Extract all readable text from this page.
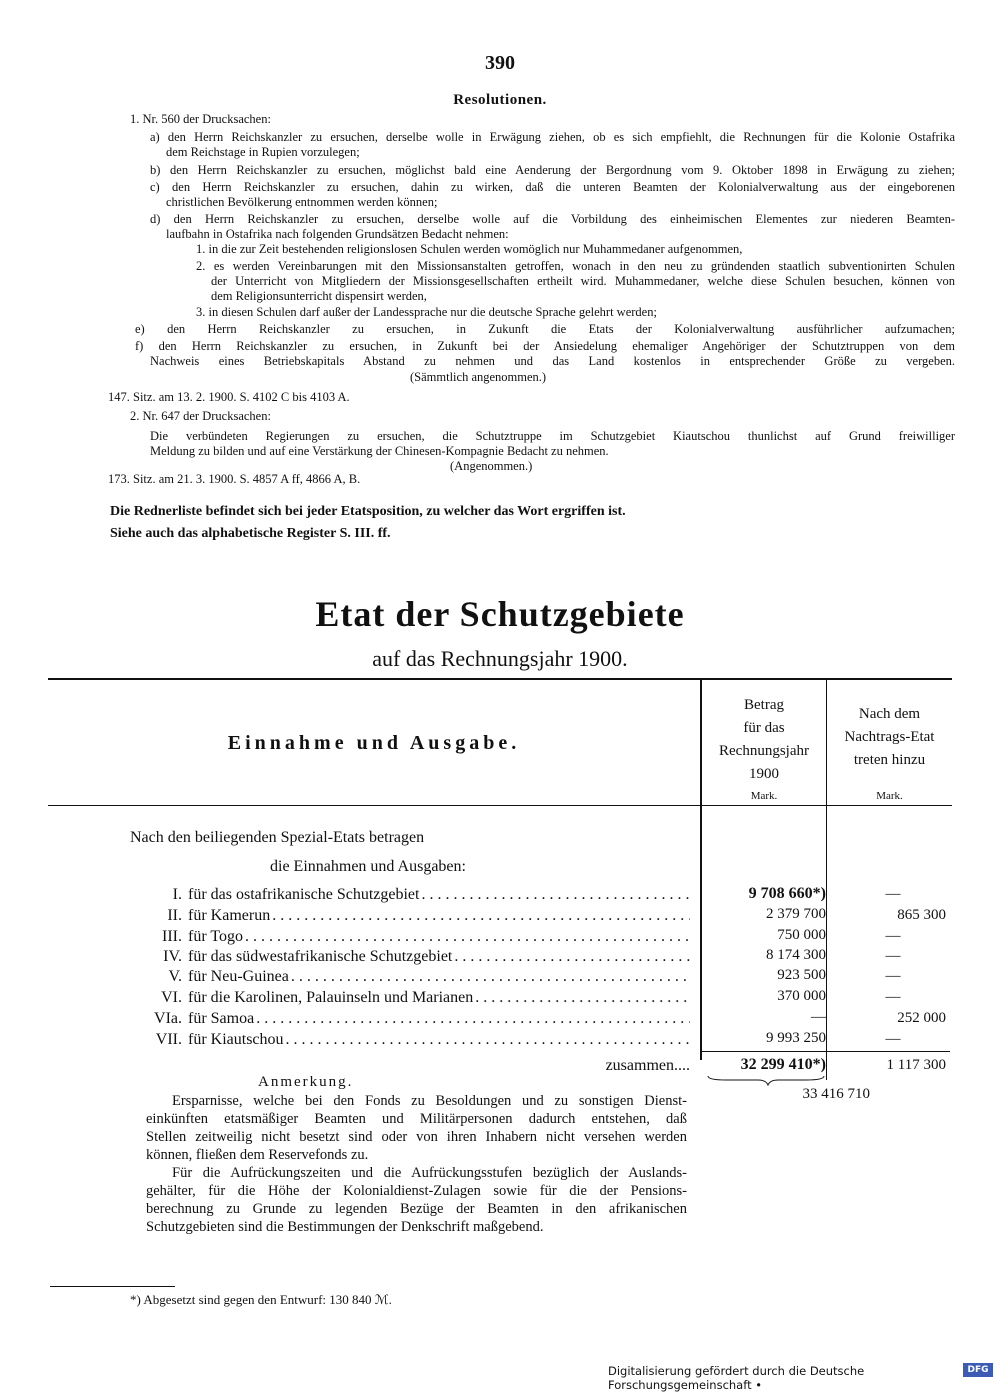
390
Resolutionen.
1. Nr. 560 der Drucksachen:
a) den Herrn Reichskanzler zu ersuchen, derselbe wolle in Erwägung ziehen, ob es sich empfiehlt, die Rechnungen für die Kolonie Ostafrika
dem Reichstage in Rupien vorzulegen;
b) den Herrn Reichskanzler zu ersuchen, möglichst bald eine Aenderung der Bergordnung vom 9. Oktober 1898 in Erwägung zu ziehen;
c) den Herrn Reichskanzler zu ersuchen, dahin zu wirken, daß die unteren Beamten der Kolonialverwaltung aus der eingeborenen
christlichen Bevölkerung entnommen werden können;
d) den Herrn Reichskanzler zu ersuchen, derselbe wolle auf die Vorbildung des einheimischen Elementes zur niederen Beamten-
laufbahn in Ostafrika nach folgenden Grundsätzen Bedacht nehmen:
1. in die zur Zeit bestehenden religionslosen Schulen werden womöglich nur Muhammedaner aufgenommen,
2. es werden Vereinbarungen mit den Missionsanstalten getroffen, wonach in den neu zu gründenden staatlich subventionirten Schulen
der Unterricht von Mitgliedern der Missionsgesellschaften ertheilt wird. Muhammedaner, welche diese Schulen besuchen, können von
dem Religionsunterricht dispensirt werden,
3. in diesen Schulen darf außer der Landessprache nur die deutsche Sprache gelehrt werden;
e) den Herrn Reichskanzler zu ersuchen, in Zukunft die Etats der Kolonialverwaltung ausführlicher aufzumachen;
f) den Herrn Reichskanzler zu ersuchen, in Zukunft bei der Ansiedelung ehemaliger Angehöriger der Schutztruppen von dem
Nachweis eines Betriebskapitals Abstand zu nehmen und das Land kostenlos in entsprechender Größe zu vergeben.
(Sämmtlich angenommen.)
147. Sitz. am 13. 2. 1900. S. 4102 C bis 4103 A.
2. Nr. 647 der Drucksachen:
Die verbündeten Regierungen zu ersuchen, die Schutztruppe im Schutzgebiet Kiautschou thunlichst auf Grund freiwilliger
Meldung zu bilden und auf eine Verstärkung der Chinesen-Kompagnie Bedacht zu nehmen.
(Angenommen.)
173. Sitz. am 21. 3. 1900. S. 4857 A ff, 4866 A, B.
Die Rednerliste befindet sich bei jeder Etatsposition, zu welcher das Wort ergriffen ist.
Siehe auch das alphabetische Register S. III. ff.
Etat der Schutzgebiete
auf das Rechnungsjahr 1900.
Einnahme und Ausgabe.
Betrag
für das
Rechnungsjahr
1900
Nach dem
Nachtrags-Etat
treten hinzu
Mark.	Mark.
Nach den beiliegenden Spezial-Etats betragen
die Einnahmen und Ausgaben:
I. für das ostafrikanische Schutzgebiet . . .	9 708 660*)	—
II. für Kamerun . . .	2 379 700	865 300
III. für Togo . . .	750 000	—
IV. für das südwestafrikanische Schutzgebiet . . .	8 174 300	—
V. für Neu-Guinea . . .	923 500	—
VI. für die Karolinen, Palauinseln und Marianen . . .	370 000	—
VIa. für Samoa . . .	—	252 000
VII. für Kiautschou . . .	9 993 250	—
zusammen....	32 299 410*)	1 117 300
33 416 710
Anmerkung.
Ersparnisse, welche bei den Fonds zu Besoldungen und zu sonstigen Dienst-
einkünften etatsmäßiger Beamten und Militärpersonen dadurch entstehen, daß
Stellen zeitweilig nicht besetzt sind oder von ihren Inhabern nicht versehen werden
können, fließen dem Reservefonds zu.
Für die Aufrückungszeiten und die Aufrückungsstufen bezüglich der Auslands-
gehälter, für die Höhe der Kolonialdienst-Zulagen sowie für die der Pensions-
berechnung zu Grunde zu legenden Bezüge der Beamten in den afrikanischen
Schutzgebieten sind die Bestimmungen der Denkschrift maßgebend.
*) Abgesetzt sind gegen den Entwurf: 130 840 ℳ.
Digitalisierung gefördert durch die Deutsche Forschungsgemeinschaft •
DFG
